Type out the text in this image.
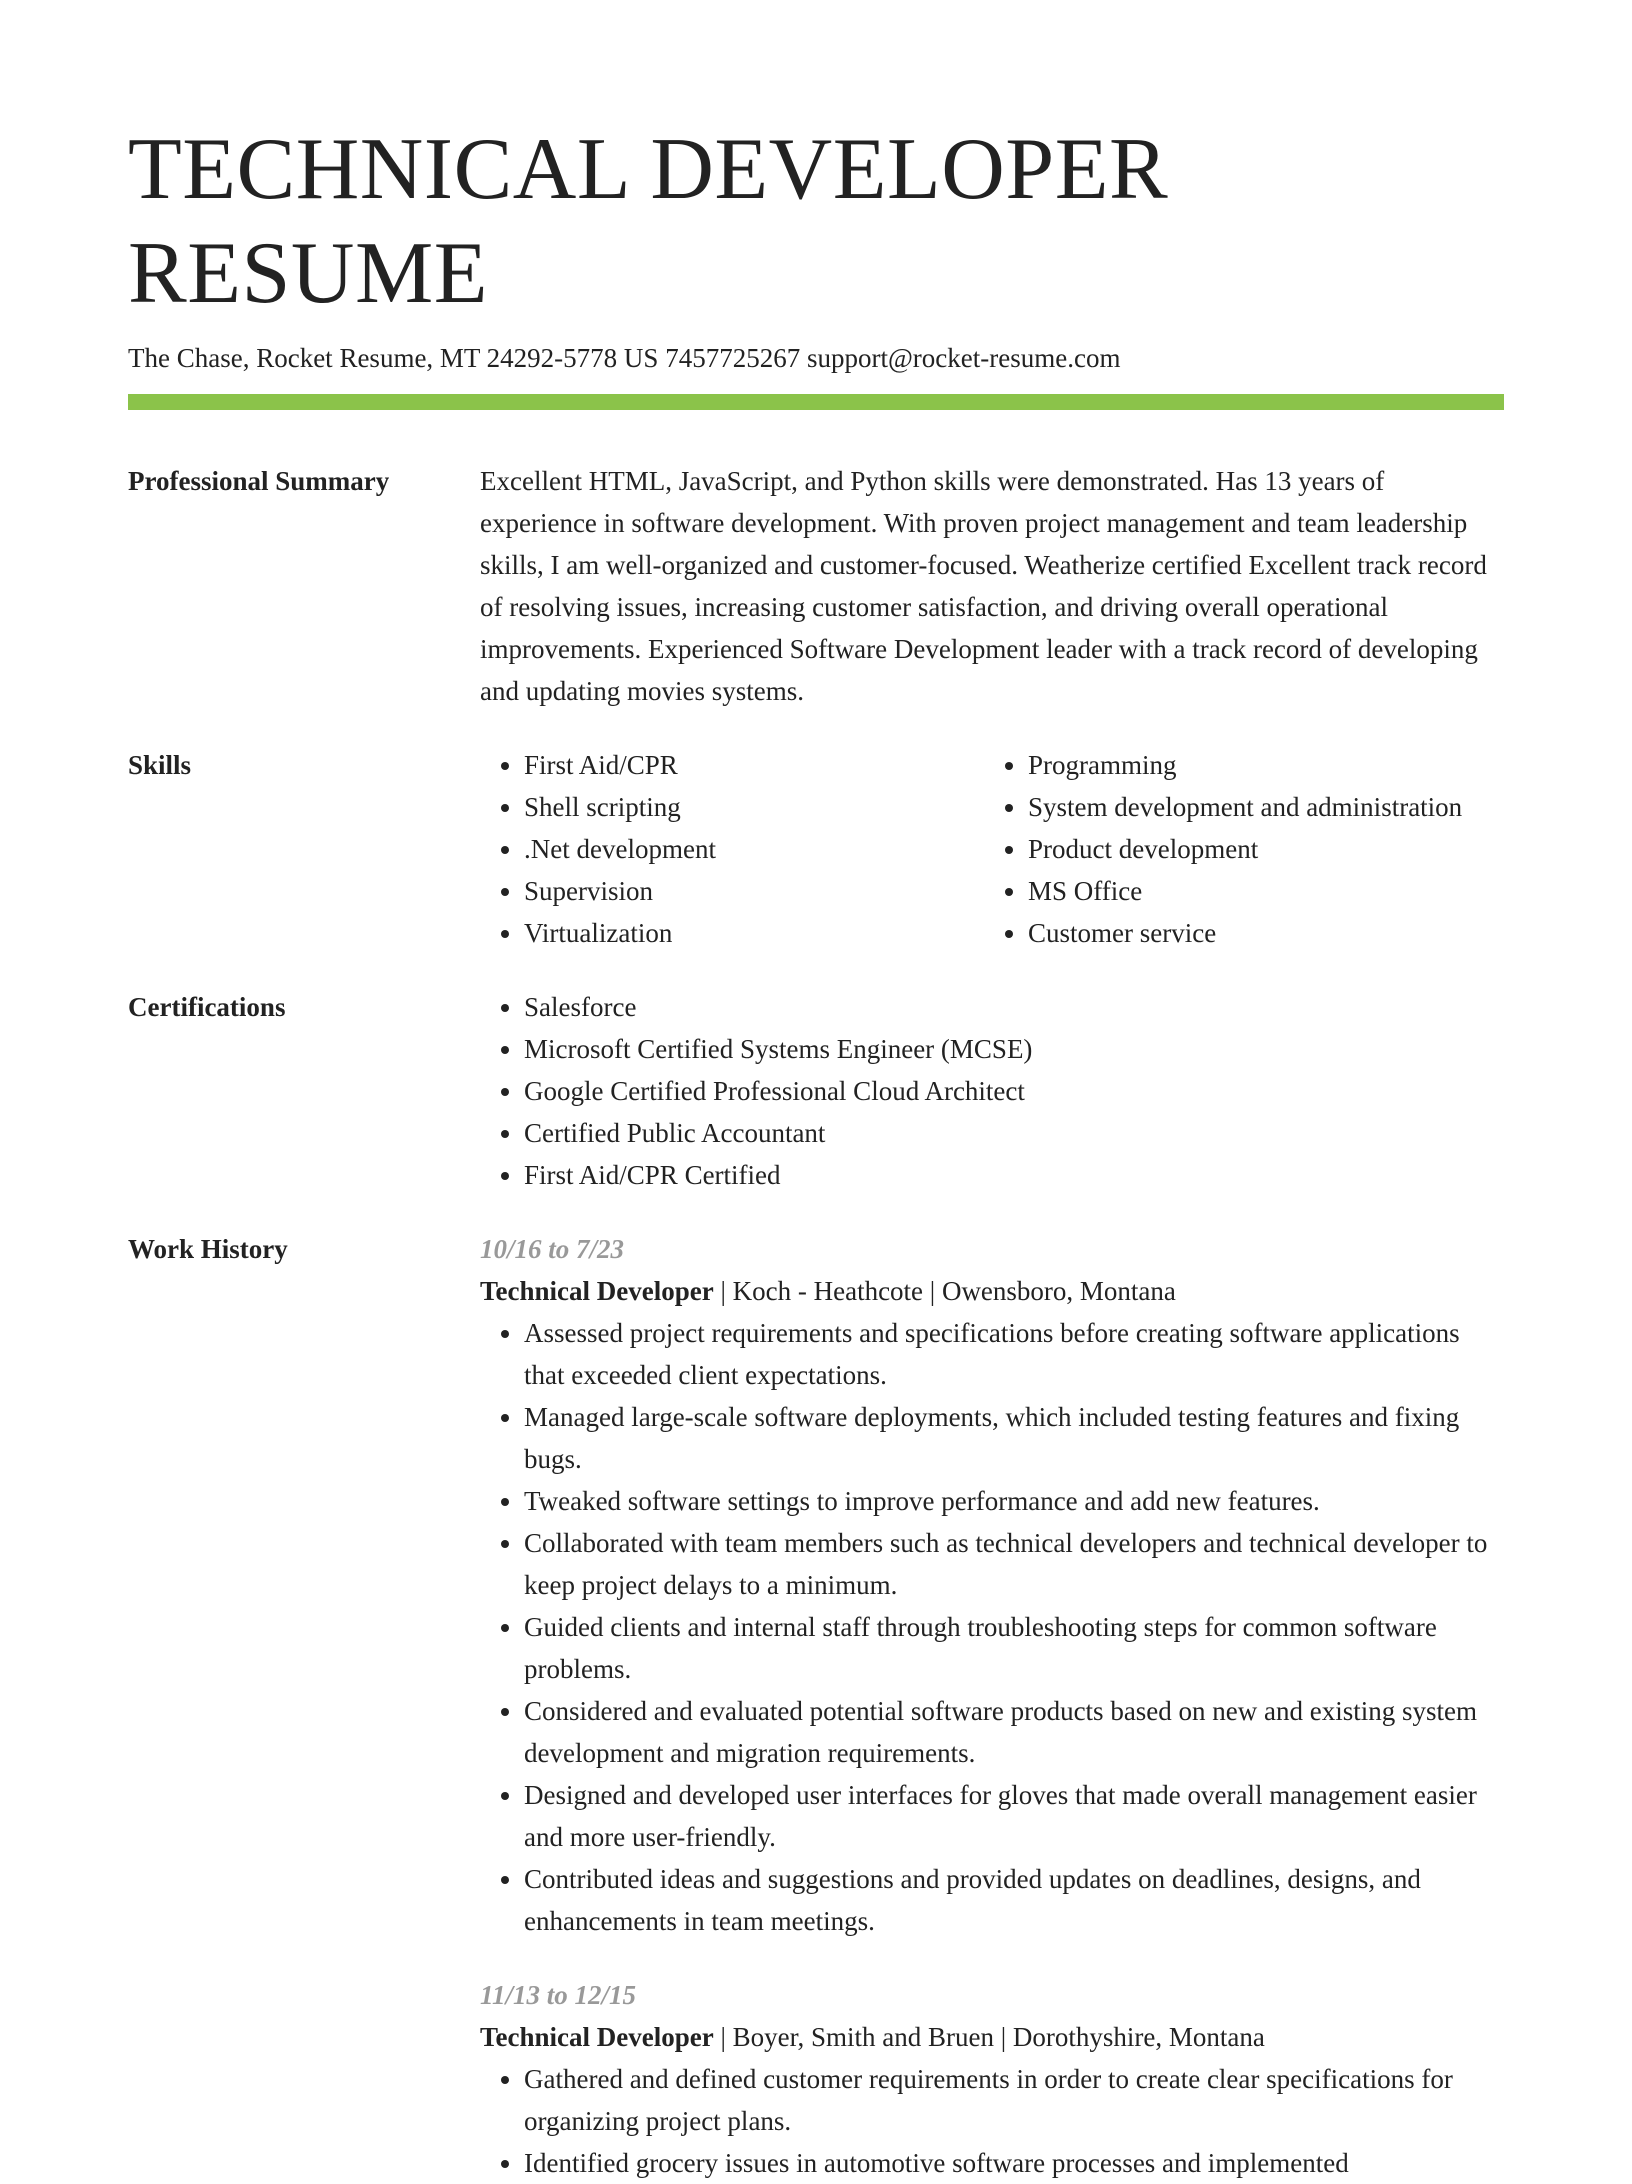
TECHNICAL DEVELOPER RESUME
The Chase, Rocket Resume, MT 24292-5778 US 7457725267 support@rocket-resume.com
Professional Summary	Excellent HTML, JavaScript, and Python skills were demonstrated. Has 13 years of experience in software development. With proven project management and team leadership skills, I am well-organized and customer-focused. Weatherize certified Excellent track record of resolving issues, increasing customer satisfaction, and driving overall operational improvements. Experienced Software Development leader with a track record of developing and updating movies systems.

Skills	• First Aid/CPR
• Shell scripting
• .Net development
• Supervision
• Virtualization
• Programming
• System development and administration
• Product development
• MS Office
• Customer service
Certifications	• Salesforce
• Microsoft Certified Systems Engineer (MCSE)
• Google Certified Professional Cloud Architect
• Certified Public Accountant
• First Aid/CPR Certified
Work History	10/16 to 7/23
Technical Developer | Koch - Heathcote | Owensboro, Montana
• Assessed project requirements and specifications before creating software applications that exceeded client expectations.
• Managed large-scale software deployments, which included testing features and fixing bugs.
• Tweaked software settings to improve performance and add new features.
• Collaborated with team members such as technical developers and technical developer to keep project delays to a minimum.
• Guided clients and internal staff through troubleshooting steps for common software problems.
• Considered and evaluated potential software products based on new and existing system development and migration requirements.
• Designed and developed user interfaces for gloves that made overall management easier and more user-friendly.
• Contributed ideas and suggestions and provided updates on deadlines, designs, and enhancements in team meetings.
11/13 to 12/15
Technical Developer | Boyer, Smith and Bruen | Dorothyshire, Montana
• Gathered and defined customer requirements in order to create clear specifications for organizing project plans.
• Identified grocery issues in automotive software processes and implemented
